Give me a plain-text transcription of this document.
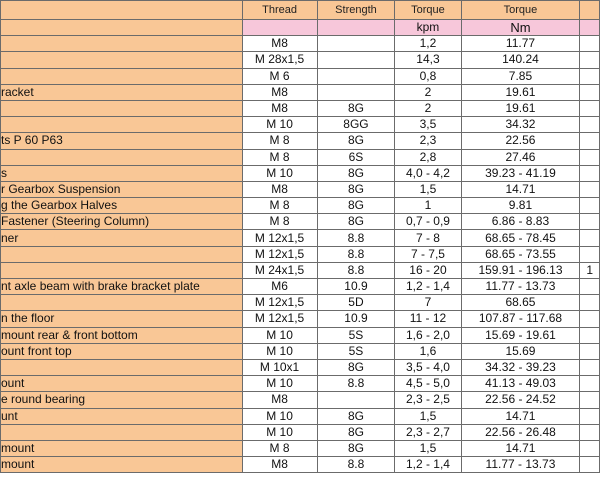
	Thread	Strength	Torque	Torque	
			kpm	Nm	
	M8		1,2	11.77	
	M 28x1,5		14,3	140.24	
	M 6		0,8	7.85	
racket	M8		2	19.61	
	M8	8G	2	19.61	
	M 10	8GG	3,5	34.32	
ts P 60 P63	M 8	8G	2,3	22.56	
	M 8	6S	2,8	27.46	
s	M 10	8G	4,0 - 4,2	39.23 - 41.19	
r Gearbox Suspension	M8	8G	1,5	14.71	
g the Gearbox Halves	M 8	8G	1	9.81	
Fastener (Steering Column)	M 8	8G	0,7 - 0,9	6.86 - 8.83	
ner	M 12x1,5	8.8	7 - 8	68.65 - 78.45	
	M 12x1,5	8.8	7 - 7,5	68.65 - 73.55	
	M 24x1,5	8.8	16 - 20	159.91 - 196.13	1
nt axle beam with brake bracket plate	M6	10.9	1,2 - 1,4	11.77 - 13.73	
	M 12x1,5	5D	7	68.65	
n the floor	M 12x1,5	10.9	11 - 12	107.87 - 117.68	
mount rear & front bottom	M 10	5S	1,6 - 2,0	15.69 - 19.61	
ount front top	M 10	5S	1,6	15.69	
	M 10x1	8G	3,5 - 4,0	34.32 - 39.23	
ount	M 10	8.8	4,5 - 5,0	41.13 - 49.03	
e round bearing	M8		2,3 - 2,5	22.56 - 24.52	
unt	M 10	8G	1,5	14.71	
	M 10	8G	2,3 - 2,7	22.56 - 26.48	
mount	M 8	8G	1,5	14.71	
mount	M8	8.8	1,2 - 1,4	11.77 - 13.73	
